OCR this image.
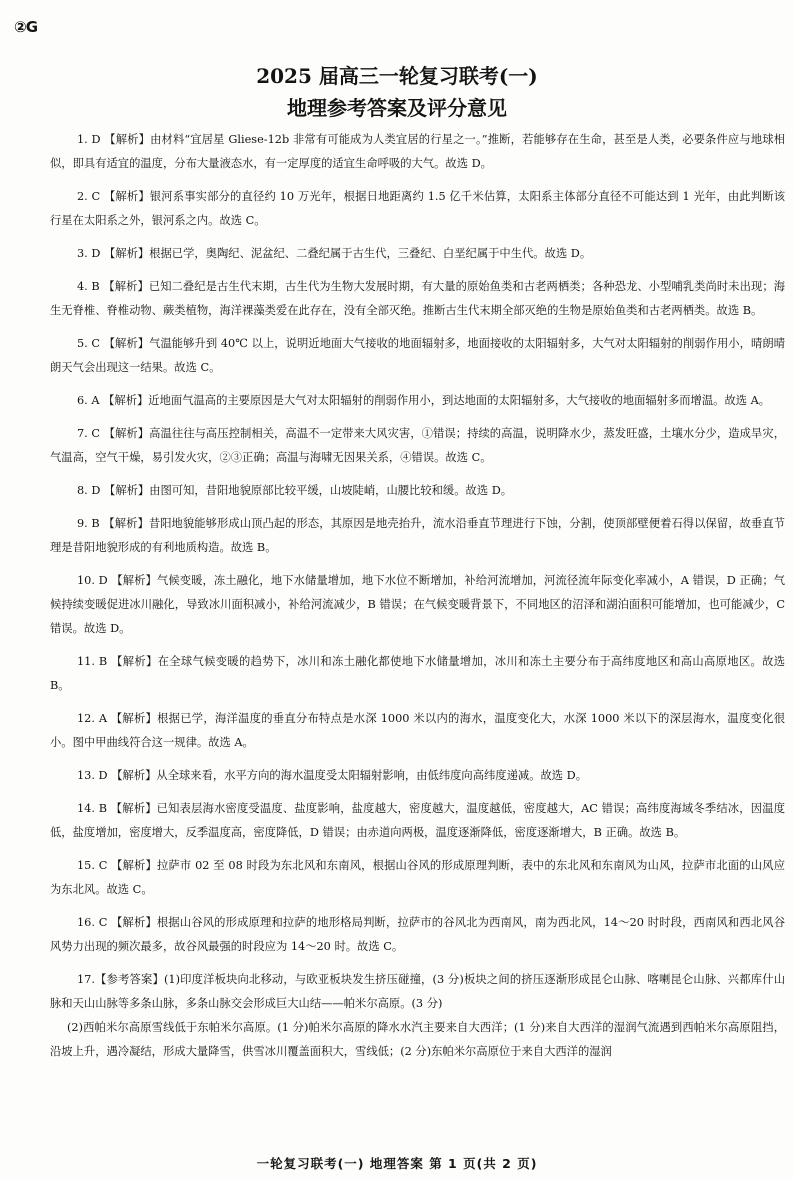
②G
2025 届高三一轮复习联考(一)
地理参考答案及评分意见

1. D 【解析】由材料“宜居星 Gliese-12b 非常有可能成为人类宜居的行星之一。”推断，若能够存在生命，甚至是人类，必要条件应与地球相似，即具有适宜的温度，分布大量液态水，有一定厚度的适宜生命呼吸的大气。故选 D。

2. C 【解析】银河系事实部分的直径约 10 万光年，根据日地距离约 1.5 亿千米估算，太阳系主体部分直径不可能达到 1 光年，由此判断该行星在太阳系之外，银河系之内。故选 C。

3. D 【解析】根据已学，奥陶纪、泥盆纪、二叠纪属于古生代，三叠纪、白垩纪属于中生代。故选 D。

4. B 【解析】已知二叠纪是古生代末期，古生代为生物大发展时期，有大量的原始鱼类和古老两栖类；各种恐龙、小型哺乳类尚时未出现；海生无脊椎、脊椎动物、蕨类植物，海洋裸藻类爱在此存在，没有全部灭绝。推断古生代末期全部灭绝的生物是原始鱼类和古老两栖类。故选 B。

5. C 【解析】气温能够升到 40℃ 以上，说明近地面大气接收的地面辐射多，地面接收的太阳辐射多，大气对太阳辐射的削弱作用小，晴朗晴朗天气会出现这一结果。故选 C。

6. A 【解析】近地面气温高的主要原因是大气对太阳辐射的削弱作用小，到达地面的太阳辐射多，大气接收的地面辐射多而增温。故选 A。

7. C 【解析】高温往往与高压控制相关，高温不一定带来大风灾害，①错误；持续的高温，说明降水少，蒸发旺盛，土壤水分少，造成旱灾，气温高，空气干燥，易引发火灾，②③正确；高温与海啸无因果关系，④错误。故选 C。

8. D 【解析】由图可知，昔阳地貌原部比较平缓，山坡陡峭，山腰比较和缓。故选 D。

9. B 【解析】昔阳地貌能够形成山顶凸起的形态，其原因是地壳抬升，流水沿垂直节理进行下蚀，分割，使顶部壁便着石得以保留，故垂直节理是昔阳地貌形成的有利地质构造。故选 B。

10. D 【解析】气候变暖，冻土融化，地下水储量增加，地下水位不断增加，补给河流增加，河流径流年际变化率减小，A 错误，D 正确；气候持续变暖促进冰川融化，导致冰川面积减小，补给河流减少，B 错误；在气候变暖背景下，不同地区的沼泽和湖泊面积可能增加，也可能减少，C 错误。故选 D。

11. B 【解析】在全球气候变暖的趋势下，冰川和冻土融化都使地下水储量增加，冰川和冻土主要分布于高纬度地区和高山高原地区。故选 B。

12. A 【解析】根据已学，海洋温度的垂直分布特点是水深 1000 米以内的海水，温度变化大，水深 1000 米以下的深层海水，温度变化很小。图中甲曲线符合这一规律。故选 A。

13. D 【解析】从全球来看，水平方向的海水温度受太阳辐射影响，由低纬度向高纬度递减。故选 D。

14. B 【解析】已知表层海水密度受温度、盐度影响，盐度越大，密度越大，温度越低，密度越大，AC 错误；高纬度海域冬季结冰，因温度低，盐度增加，密度增大，反季温度高，密度降低，D 错误；由赤道向两极，温度逐渐降低，密度逐渐增大，B 正确。故选 B。

15. C 【解析】拉萨市 02 至 08 时段为东北风和东南风，根据山谷风的形成原理判断，表中的东北风和东南风为山风，拉萨市北面的山风应为东北风。故选 C。

16. C 【解析】根据山谷风的形成原理和拉萨的地形格局判断，拉萨市的谷风北为西南风，南为西北风，14～20 时时段，西南风和西北风谷风势力出现的频次最多，故谷风最强的时段应为 14～20 时。故选 C。

17.【参考答案】(1)印度洋板块向北移动，与欧亚板块发生挤压碰撞，(3 分)板块之间的挤压逐渐形成昆仑山脉、喀喇昆仑山脉、兴都库什山脉和天山山脉等多条山脉，多条山脉交会形成巨大山结——帕米尔高原。(3 分)

(2)西帕米尔高原雪线低于东帕米尔高原。(1 分)帕米尔高原的降水水汽主要来自大西洋；(1 分)来自大西洋的湿润气流遇到西帕米尔高原阻挡，沿坡上升，遇冷凝结，形成大量降雪，供雪冰川覆盖面积大，雪线低；(2 分)东帕米尔高原位于来自大西洋的湿润

一轮复习联考(一) 地理答案 第 1 页(共 2 页)
